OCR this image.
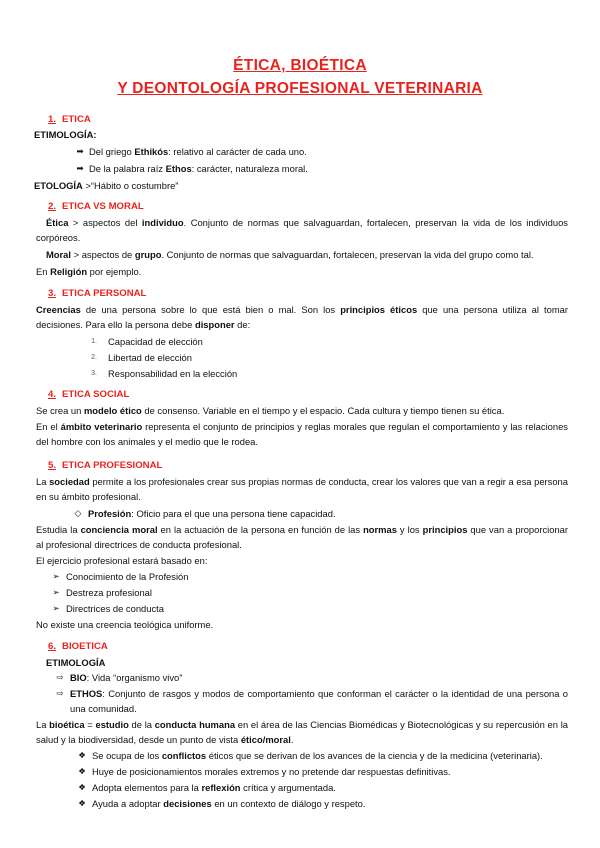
ÉTICA, BIOÉTICA
Y DEONTOLOGÍA PROFESIONAL VETERINARIA
1. ETICA
ETIMOLOGÍA:
➡ Del griego Ethikós: relativo al carácter de cada uno.
➡ De la palabra raíz Ethos: carácter, naturaleza moral.
ETOLOGÍA >“Hábito o costumbre”
2. ETICA VS MORAL
Ética > aspectos del individuo. Conjunto de normas que salvaguardan, fortalecen, preservan la vida de los individuos corpóreos.
Moral > aspectos de grupo. Conjunto de normas que salvaguardan, fortalecen, preservan la vida del grupo como tal.
En Religión por ejemplo.
3. ETICA PERSONAL
Creencias de una persona sobre lo que está bien o mal. Son los principios éticos que una persona utiliza al tomar decisiones. Para ello la persona debe disponer de:
1.	Capacidad de elección
2.	Libertad de elección
3.	Responsabilidad en la elección
4. ETICA SOCIAL
Se crea un modelo ético de consenso. Variable en el tiempo y el espacio. Cada cultura y tiempo tienen su ética.
En el ámbito veterinario representa el conjunto de principios y reglas morales que regulan el comportamiento y las relaciones del hombre con los animales y el medio que le rodea.
5. ETICA PROFESIONAL
La sociedad permite a los profesionales crear sus propias normas de conducta, crear los valores que van a regir a esa persona en su ámbito profesional.
◇ Profesión: Oficio para el que una persona tiene capacidad.
Estudia la conciencia moral en la actuación de la persona en función de las normas y los principios que van a proporcionar al profesional directrices de conducta profesional.
El ejercicio profesional estará basado en:
➢ Conocimiento de la Profesión
➢ Destreza profesional
➢ Directrices de conducta
No existe una creencia teológica uniforme.
6. BIOETICA
ETIMOLOGÍA
⇨ BIO: Vida “organismo vivo”
⇨ ETHOS: Conjunto de rasgos y modos de comportamiento que conforman el carácter o la identidad de una persona o una comunidad.
La bioética = estudio de la conducta humana en el área de las Ciencias Biomédicas y Biotecnológicas y su repercusión en la salud y la biodiversidad, desde un punto de vista ético/moral.
❖ Se ocupa de los conflictos éticos que se derivan de los avances de la ciencia y de la medicina (veterinaria).
❖ Huye de posicionamientos morales extremos y no pretende dar respuestas definitivas.
❖ Adopta elementos para la reflexión crítica y argumentada.
❖ Ayuda a adoptar decisiones en un contexto de diálogo y respeto.
